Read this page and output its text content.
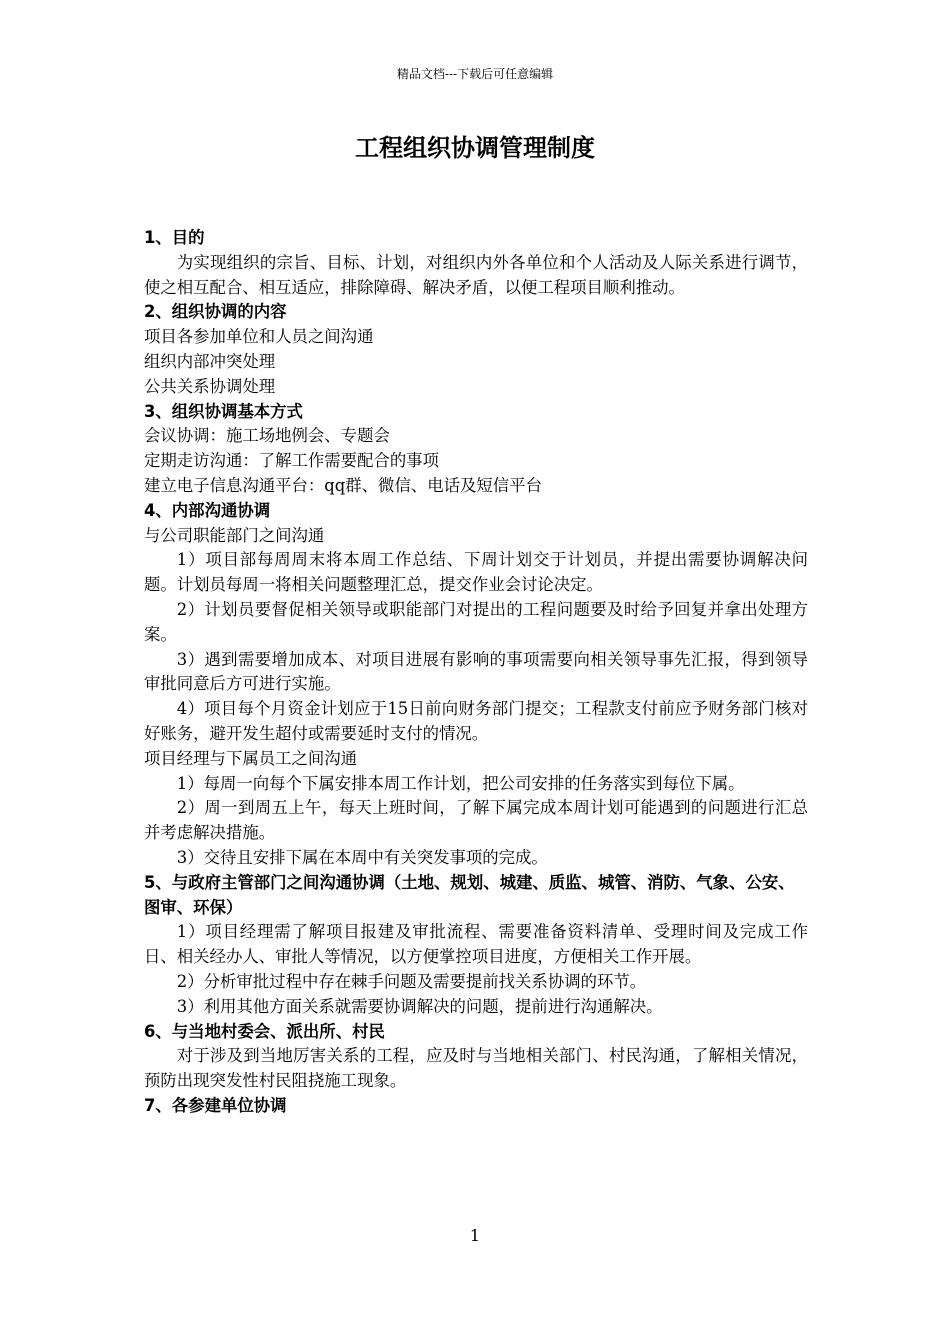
精品文档---下载后可任意编辑
工程组织协调管理制度

1、目的

为实现组织的宗旨、目标、计划，对组织内外各单位和个人活动及人际关系进行调节，使之相互配合、相互适应，排除障碍、解决矛盾，以便工程项目顺利推动。

2、组织协调的内容

项目各参加单位和人员之间沟通

组织内部冲突处理

公共关系协调处理

3、组织协调基本方式

会议协调：施工场地例会、专题会

定期走访沟通：了解工作需要配合的事项

建立电子信息沟通平台：qq群、微信、电话及短信平台

4、内部沟通协调

与公司职能部门之间沟通

1）项目部每周周末将本周工作总结、下周计划交于计划员，并提出需要协调解决问题。计划员每周一将相关问题整理汇总，提交作业会讨论决定。

2）计划员要督促相关领导或职能部门对提出的工程问题要及时给予回复并拿出处理方案。

3）遇到需要增加成本、对项目进展有影响的事项需要向相关领导事先汇报，得到领导审批同意后方可进行实施。

4）项目每个月资金计划应于15日前向财务部门提交；工程款支付前应予财务部门核对好账务，避开发生超付或需要延时支付的情况。

项目经理与下属员工之间沟通

1）每周一向每个下属安排本周工作计划，把公司安排的任务落实到每位下属。

2）周一到周五上午，每天上班时间，了解下属完成本周计划可能遇到的问题进行汇总并考虑解决措施。

3）交待且安排下属在本周中有关突发事项的完成。

5、与政府主管部门之间沟通协调（土地、规划、城建、质监、城管、消防、气象、公安、图审、环保）

1）项目经理需了解项目报建及审批流程、需要准备资料清单、受理时间及完成工作日、相关经办人、审批人等情况，以方便掌控项目进度，方便相关工作开展。

2）分析审批过程中存在棘手问题及需要提前找关系协调的环节。

3）利用其他方面关系就需要协调解决的问题，提前进行沟通解决。

6、与当地村委会、派出所、村民

对于涉及到当地厉害关系的工程，应及时与当地相关部门、村民沟通，了解相关情况，预防出现突发性村民阻挠施工现象。

7、各参建单位协调

1
